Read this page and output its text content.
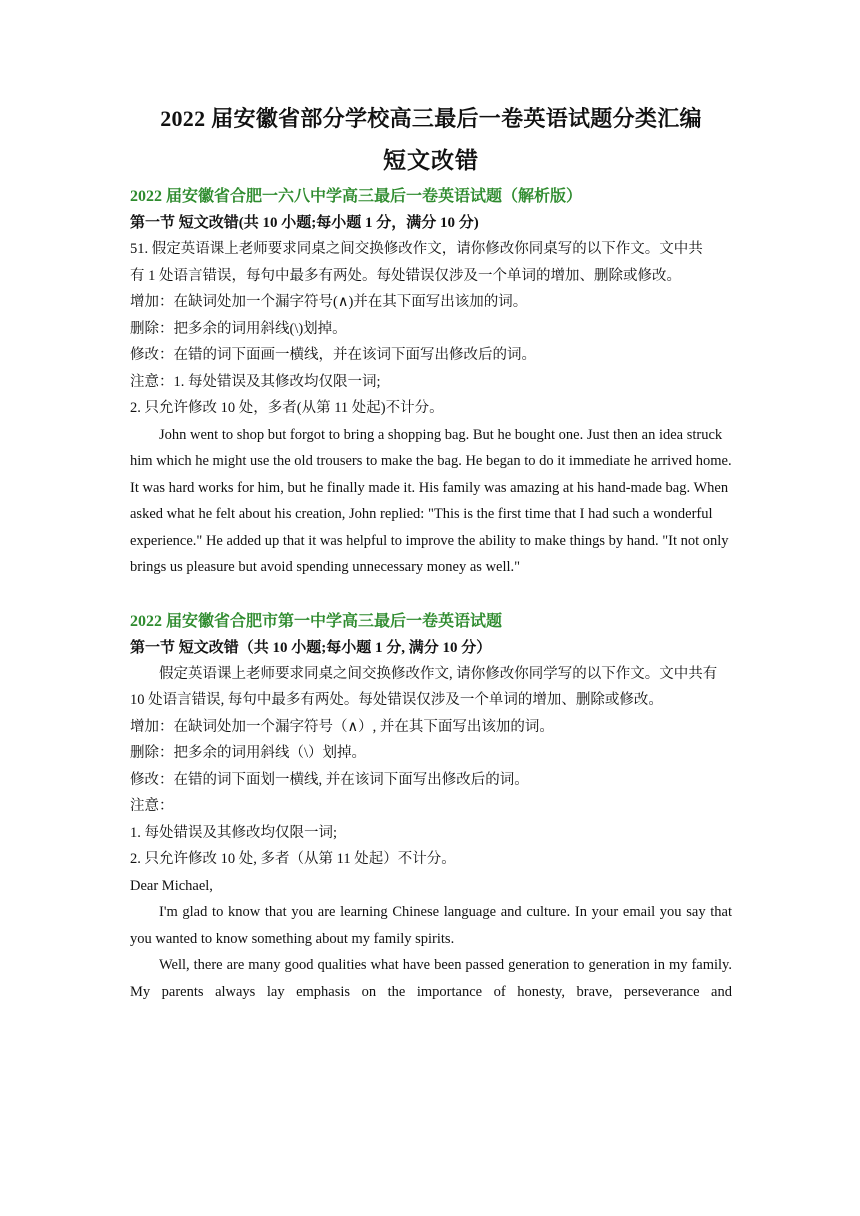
2022 届安徽省部分学校高三最后一卷英语试题分类汇编
短文改错

2022 届安徽省合肥一六八中学高三最后一卷英语试题（解析版）

第一节 短文改错(共 10 小题;每小题 1 分，满分 10 分)

51. 假定英语课上老师要求同桌之间交换修改作文，请你修改你同桌写的以下作文。文中共

有 1 处语言错误，每句中最多有两处。每处错误仅涉及一个单词的增加、删除或修改。

增加：在缺词处加一个漏字符号(∧)并在其下面写出该加的词。

删除：把多余的词用斜线(\)划掉。

修改：在错的词下面画一横线，并在该词下面写出修改后的词。

注意：1. 每处错误及其修改均仅限一词;

2. 只允许修改 10 处，多者(从第 11 处起)不计分。

John went to shop but forgot to bring a shopping bag. But he bought one. Just then an idea struck him which he might use the old trousers to make the bag. He began to do it immediate he arrived home. It was hard works for him, but he finally made it. His family was amazing at his hand-made bag. When asked what he felt about his creation, John replied: "This is the first time that I had such a wonderful experience." He added up that it was helpful to improve the ability to make things by hand. "It not only brings us pleasure but avoid spending unnecessary money as well."

2022 届安徽省合肥市第一中学高三最后一卷英语试题

第一节 短文改错（共 10 小题;每小题 1 分, 满分 10 分）

假定英语课上老师要求同桌之间交换修改作文, 请你修改你同学写的以下作文。文中共有 10 处语言错误, 每句中最多有两处。每处错误仅涉及一个单词的增加、删除或修改。

增加：在缺词处加一个漏字符号（∧）, 并在其下面写出该加的词。

删除：把多余的词用斜线（\）划掉。

修改：在错的词下面划一横线, 并在该词下面写出修改后的词。

注意：

1. 每处错误及其修改均仅限一词;

2. 只允许修改 10 处, 多者（从第 11 处起）不计分。

Dear Michael,

I'm glad to know that you are learning Chinese language and culture. In your email you say that you wanted to know something about my family spirits.

Well, there are many good qualities what have been passed generation to generation in my family. My parents always lay emphasis on the importance of honesty, brave, perseverance and
